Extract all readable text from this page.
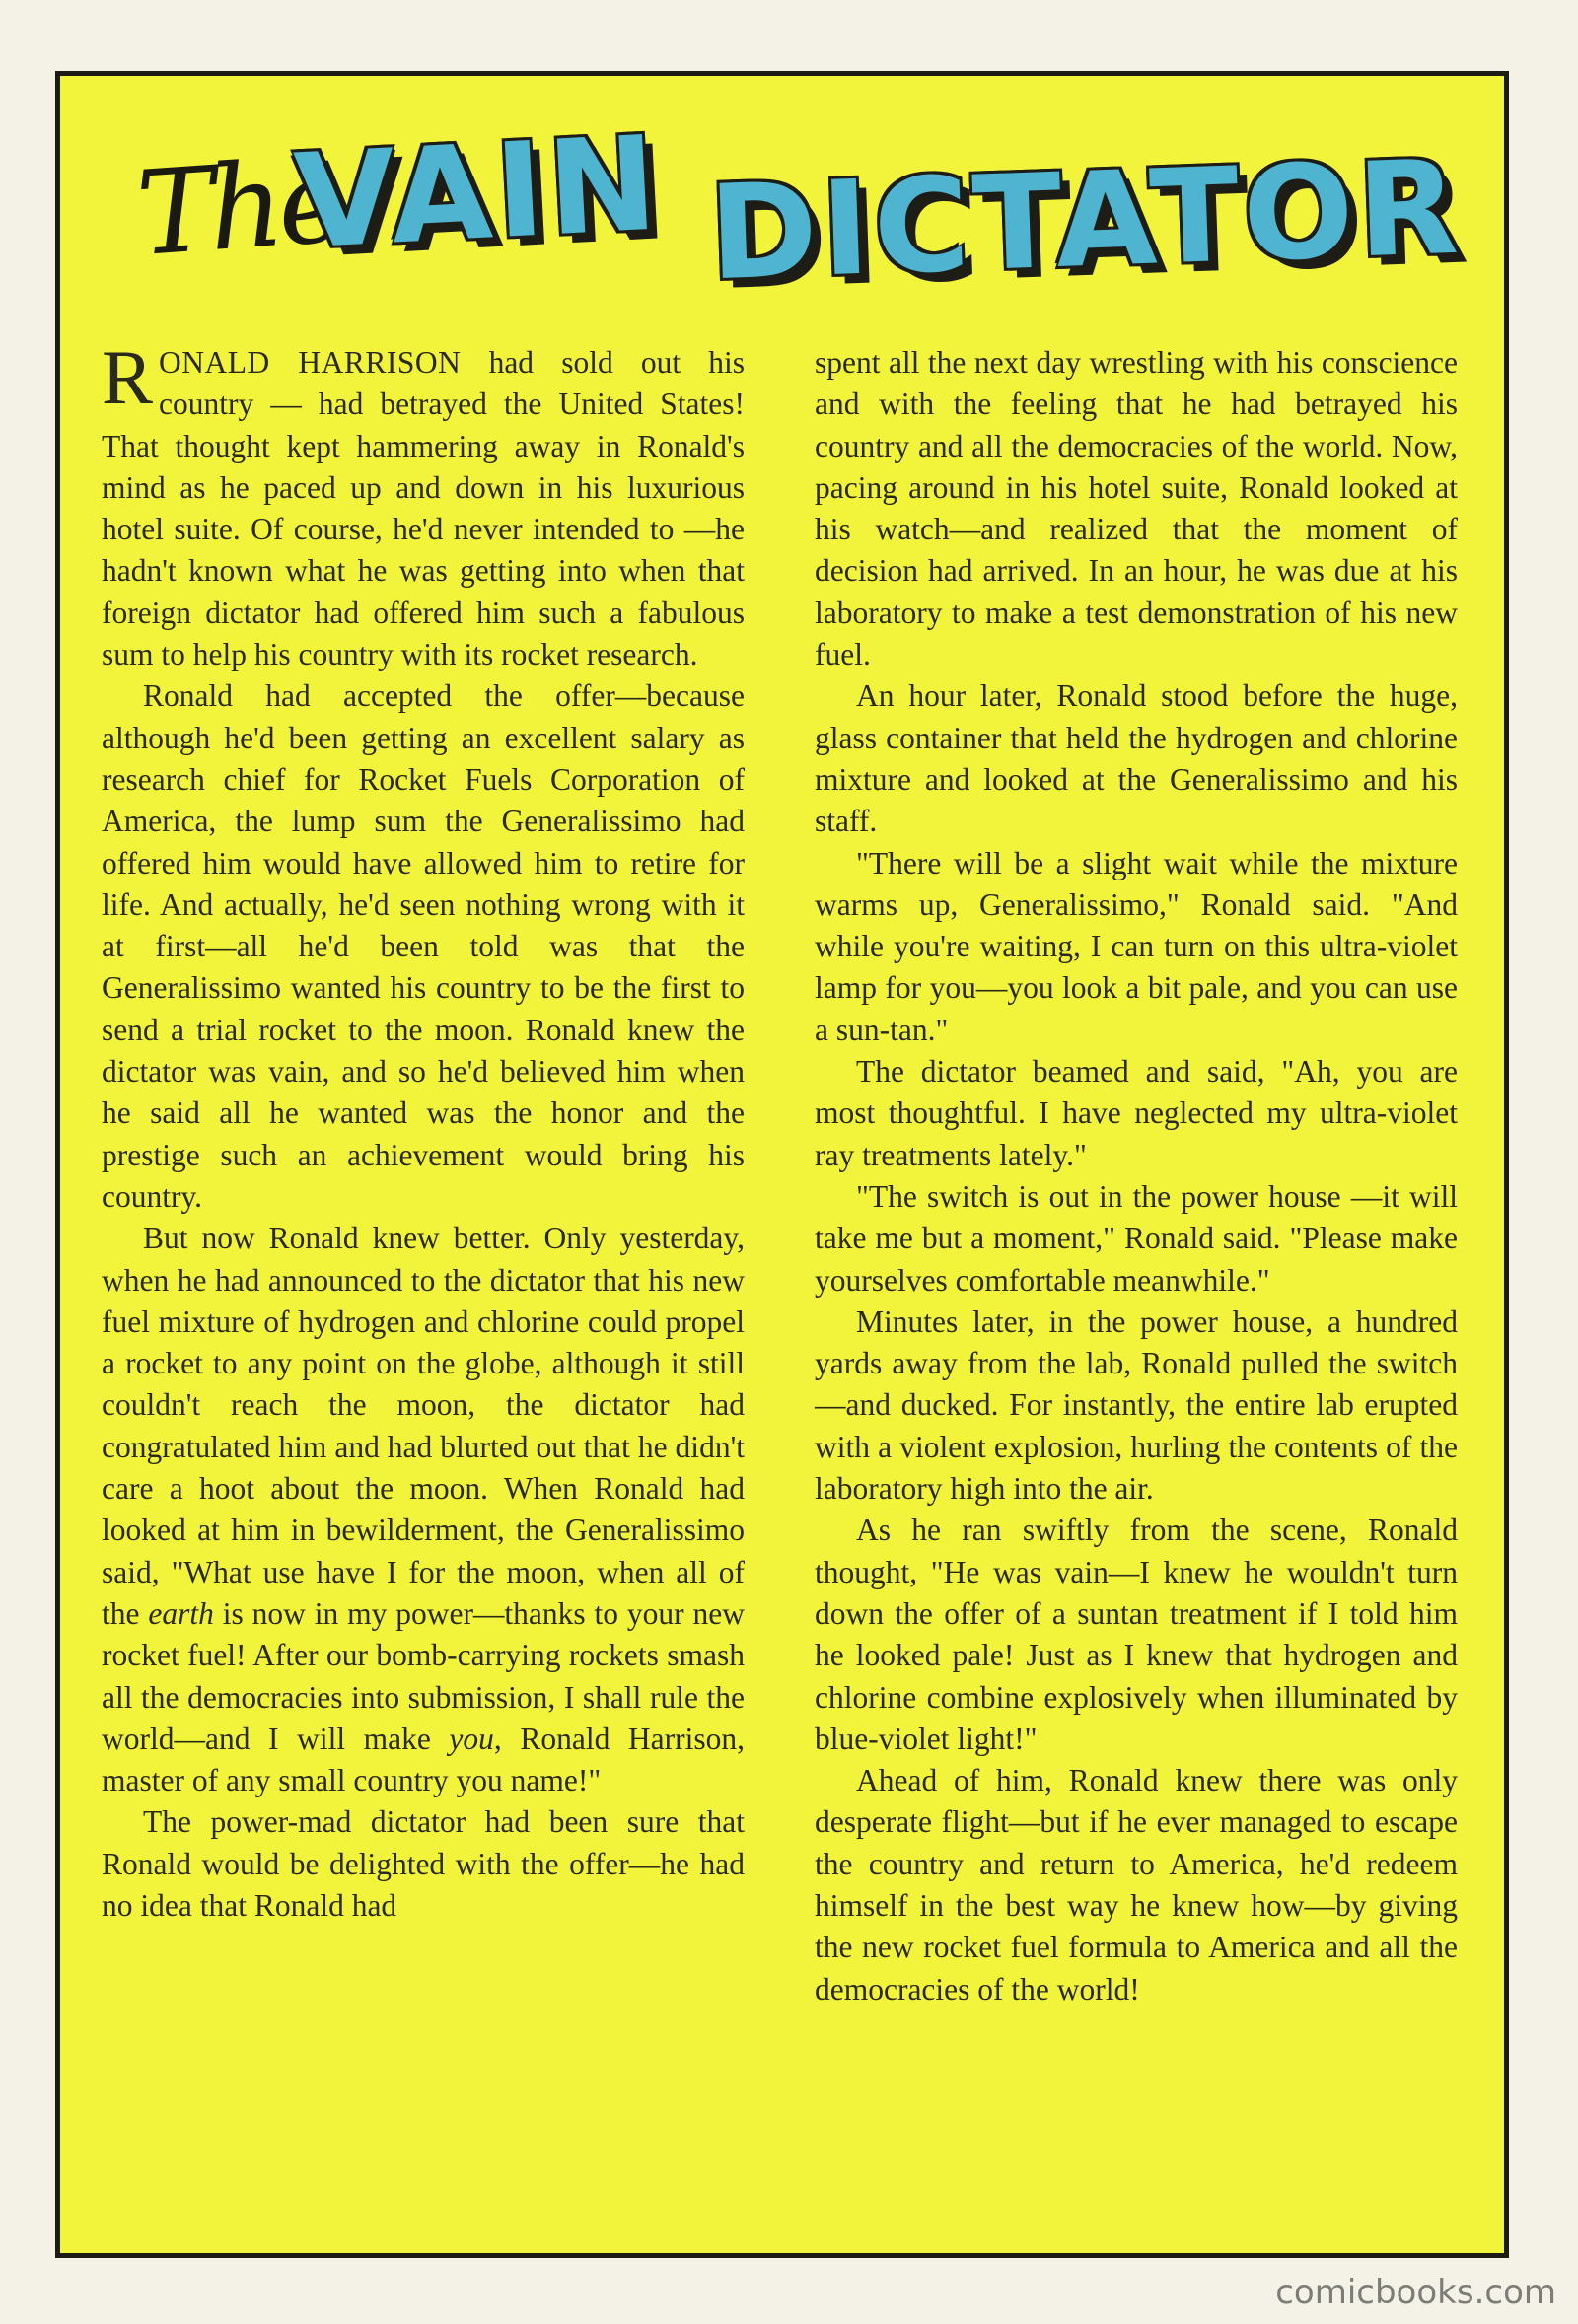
The
VAIN DICTATOR

RONALD HARRISON had sold out his country — had betrayed the United States! That thought kept hammering away in Ronald's mind as he paced up and down in his luxurious hotel suite. Of course, he'd never intended to —he hadn't known what he was getting into when that foreign dictator had offered him such a fabulous sum to help his country with its rocket research.

Ronald had accepted the offer—because although he'd been getting an excellent salary as research chief for Rocket Fuels Corporation of America, the lump sum the Generalissimo had offered him would have allowed him to retire for life. And actually, he'd seen nothing wrong with it at first—all he'd been told was that the Generalissimo wanted his country to be the first to send a trial rocket to the moon. Ronald knew the dictator was vain, and so he'd believed him when he said all he wanted was the honor and the prestige such an achievement would bring his country.

But now Ronald knew better. Only yesterday, when he had announced to the dictator that his new fuel mixture of hydrogen and chlorine could propel a rocket to any point on the globe, although it still couldn't reach the moon, the dictator had congratulated him and had blurted out that he didn't care a hoot about the moon. When Ronald had looked at him in bewilderment, the Generalissimo said, "What use have I for the moon, when all of the earth is now in my power—thanks to your new rocket fuel! After our bomb-carrying rockets smash all the democracies into submission, I shall rule the world—and I will make you, Ronald Harrison, master of any small country you name!"

The power-mad dictator had been sure that Ronald would be delighted with the offer—he had no idea that Ronald had

spent all the next day wrestling with his conscience and with the feeling that he had betrayed his country and all the democracies of the world. Now, pacing around in his hotel suite, Ronald looked at his watch—and realized that the moment of decision had arrived. In an hour, he was due at his laboratory to make a test demonstration of his new fuel.

An hour later, Ronald stood before the huge, glass container that held the hydrogen and chlorine mixture and looked at the Generalissimo and his staff.

"There will be a slight wait while the mixture warms up, Generalissimo," Ronald said. "And while you're waiting, I can turn on this ultra-violet lamp for you—you look a bit pale, and you can use a sun-tan."

The dictator beamed and said, "Ah, you are most thoughtful. I have neglected my ultra-violet ray treatments lately."

"The switch is out in the power house —it will take me but a moment," Ronald said. "Please make yourselves comfortable meanwhile."

Minutes later, in the power house, a hundred yards away from the lab, Ronald pulled the switch—and ducked. For instantly, the entire lab erupted with a violent explosion, hurling the contents of the laboratory high into the air.

As he ran swiftly from the scene, Ronald thought, "He was vain—I knew he wouldn't turn down the offer of a suntan treatment if I told him he looked pale! Just as I knew that hydrogen and chlorine combine explosively when illuminated by blue-violet light!"

Ahead of him, Ronald knew there was only desperate flight—but if he ever managed to escape the country and return to America, he'd redeem himself in the best way he knew how—by giving the new rocket fuel formula to America and all the democracies of the world!

comicbooks.com
